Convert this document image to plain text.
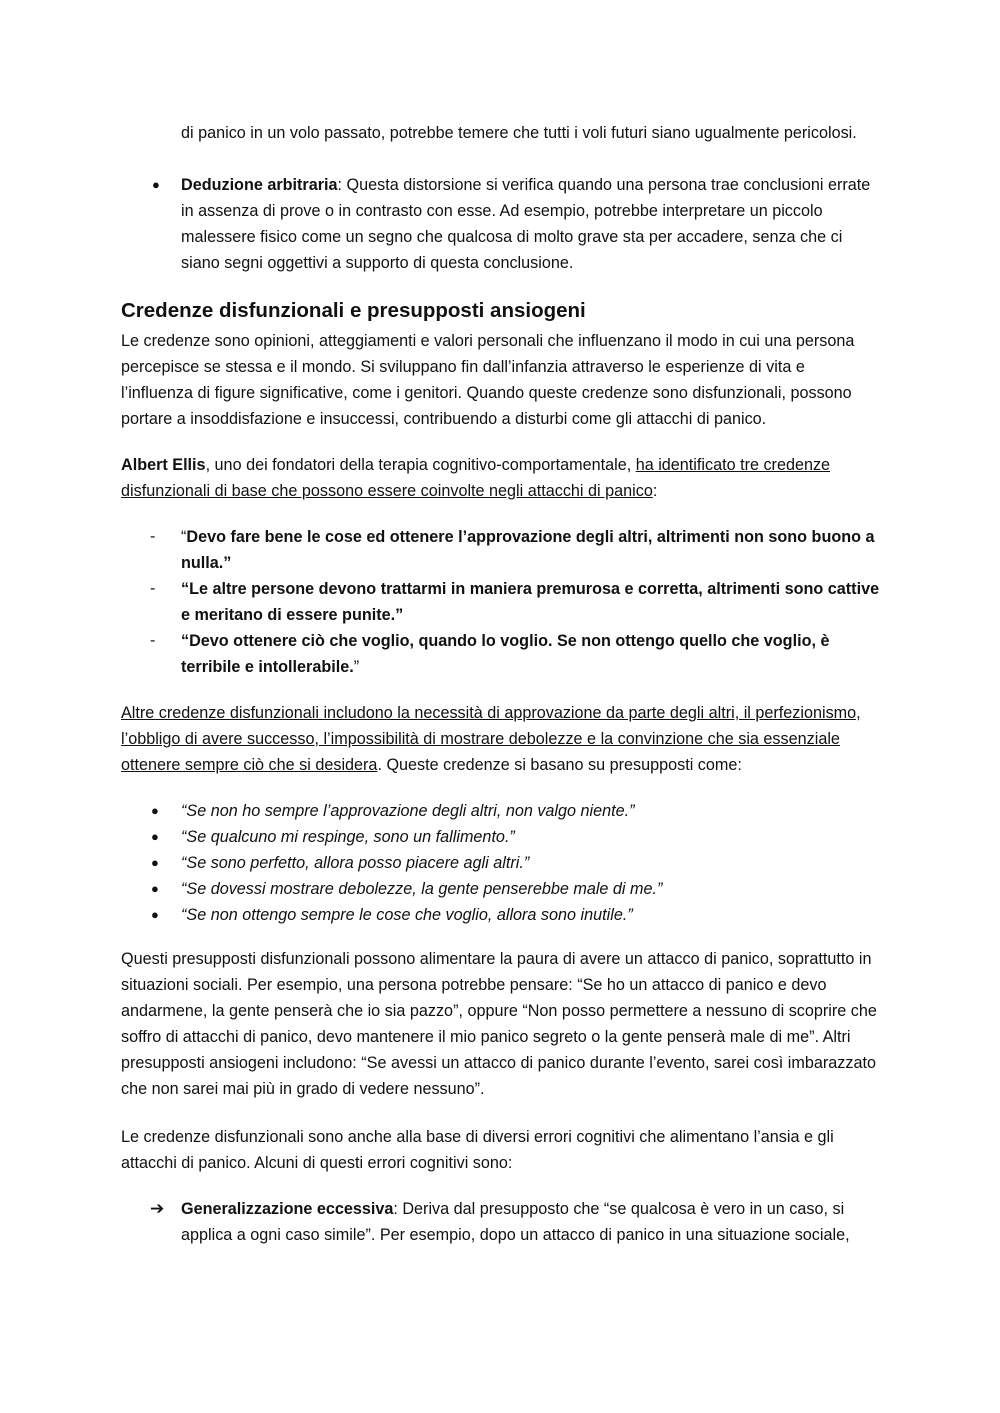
di panico in un volo passato, potrebbe temere che tutti i voli futuri siano ugualmente pericolosi.

● Deduzione arbitraria: Questa distorsione si verifica quando una persona trae conclusioni errate in assenza di prove o in contrasto con esse. Ad esempio, potrebbe interpretare un piccolo malessere fisico come un segno che qualcosa di molto grave sta per accadere, senza che ci siano segni oggettivi a supporto di questa conclusione.

Credenze disfunzionali e presupposti ansiogeni

Le credenze sono opinioni, atteggiamenti e valori personali che influenzano il modo in cui una persona percepisce se stessa e il mondo. Si sviluppano fin dall’infanzia attraverso le esperienze di vita e l’influenza di figure significative, come i genitori. Quando queste credenze sono disfunzionali, possono portare a insoddisfazione e insuccessi, contribuendo a disturbi come gli attacchi di panico.

Albert Ellis, uno dei fondatori della terapia cognitivo-comportamentale, ha identificato tre credenze disfunzionali di base che possono essere coinvolte negli attacchi di panico:

- “Devo fare bene le cose ed ottenere l’approvazione degli altri, altrimenti non sono buono a nulla.”

- “Le altre persone devono trattarmi in maniera premurosa e corretta, altrimenti sono cattive e meritano di essere punite.”

- “Devo ottenere ciò che voglio, quando lo voglio. Se non ottengo quello che voglio, è terribile e intollerabile.”

Altre credenze disfunzionali includono la necessità di approvazione da parte degli altri, il perfezionismo, l’obbligo di avere successo, l’impossibilità di mostrare debolezze e la convinzione che sia essenziale ottenere sempre ciò che si desidera. Queste credenze si basano su presupposti come:

● “Se non ho sempre l’approvazione degli altri, non valgo niente.”

● “Se qualcuno mi respinge, sono un fallimento.”

● “Se sono perfetto, allora posso piacere agli altri.”

● “Se dovessi mostrare debolezze, la gente penserebbe male di me.”

● “Se non ottengo sempre le cose che voglio, allora sono inutile.”

Questi presupposti disfunzionali possono alimentare la paura di avere un attacco di panico, soprattutto in situazioni sociali. Per esempio, una persona potrebbe pensare: “Se ho un attacco di panico e devo andarmene, la gente penserà che io sia pazzo”, oppure “Non posso permettere a nessuno di scoprire che soffro di attacchi di panico, devo mantenere il mio panico segreto o la gente penserà male di me”. Altri presupposti ansiogeni includono: “Se avessi un attacco di panico durante l’evento, sarei così imbarazzato che non sarei mai più in grado di vedere nessuno”.

Le credenze disfunzionali sono anche alla base di diversi errori cognitivi che alimentano l’ansia e gli attacchi di panico. Alcuni di questi errori cognitivi sono:

➔ Generalizzazione eccessiva: Deriva dal presupposto che “se qualcosa è vero in un caso, si applica a ogni caso simile”. Per esempio, dopo un attacco di panico in una situazione sociale,
